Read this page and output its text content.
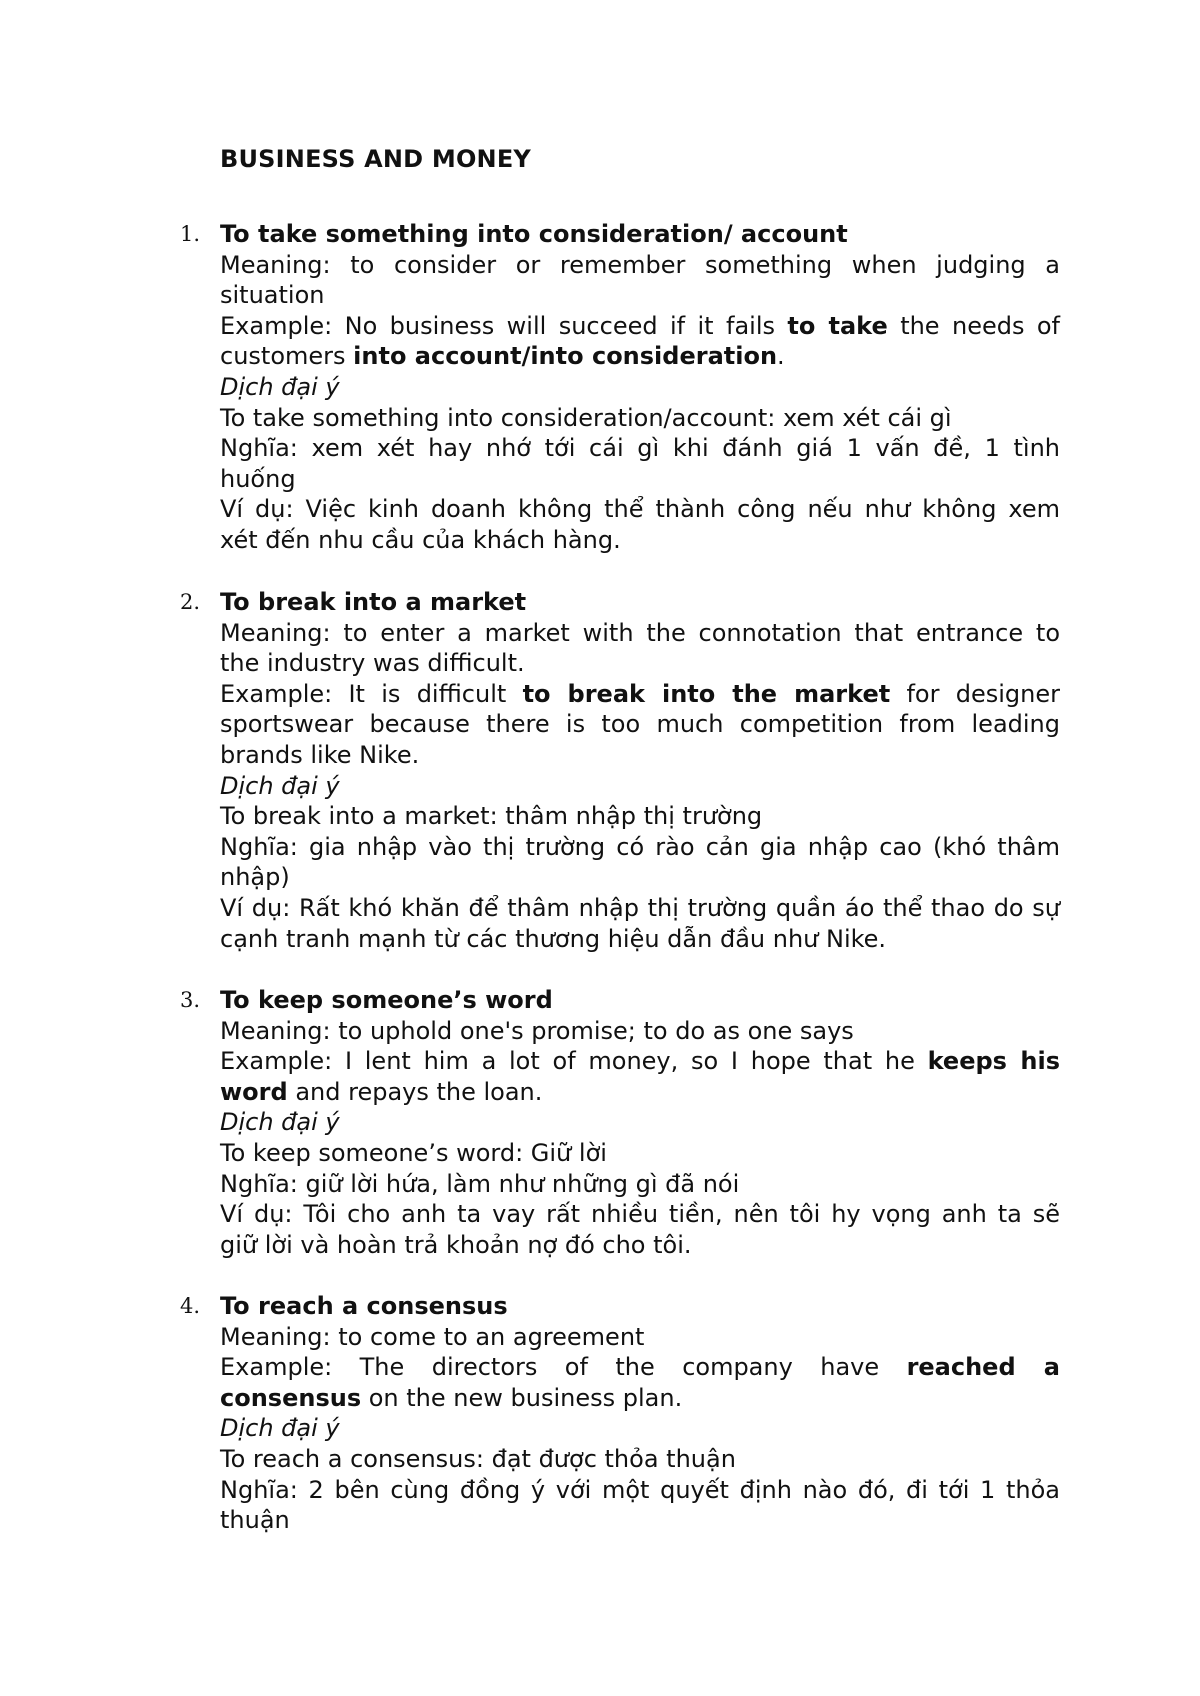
BUSINESS AND MONEY
1. To take something into consideration/ account
Meaning: to consider or remember something when judging a
situation
Example: No business will succeed if it fails to take the needs of
customers into account/into consideration.
Dịch đại ý
To take something into consideration/account: xem xét cái gì
Nghĩa: xem xét hay nhớ tới cái gì khi đánh giá 1 vấn đề, 1 tình
huống
Ví dụ: Việc kinh doanh không thể thành công nếu như không xem
xét đến nhu cầu của khách hàng.
2. To break into a market
Meaning: to enter a market with the connotation that entrance to
the industry was difficult.
Example: It is difficult to break into the market for designer
sportswear because there is too much competition from leading
brands like Nike.
Dịch đại ý
To break into a market: thâm nhập thị trường
Nghĩa: gia nhập vào thị trường có rào cản gia nhập cao (khó thâm
nhập)
Ví dụ: Rất khó khăn để thâm nhập thị trường quần áo thể thao do sự
cạnh tranh mạnh từ các thương hiệu dẫn đầu như Nike.
3. To keep someone’s word
Meaning: to uphold one's promise; to do as one says
Example: I lent him a lot of money, so I hope that he keeps his
word and repays the loan.
Dịch đại ý
To keep someone’s word: Giữ lời
Nghĩa: giữ lời hứa, làm như những gì đã nói
Ví dụ: Tôi cho anh ta vay rất nhiều tiền, nên tôi hy vọng anh ta sẽ
giữ lời và hoàn trả khoản nợ đó cho tôi.
4. To reach a consensus
Meaning: to come to an agreement
Example: The directors of the company have reached a
consensus on the new business plan.
Dịch đại ý
To reach a consensus: đạt được thỏa thuận
Nghĩa: 2 bên cùng đồng ý với một quyết định nào đó, đi tới 1 thỏa
thuận
